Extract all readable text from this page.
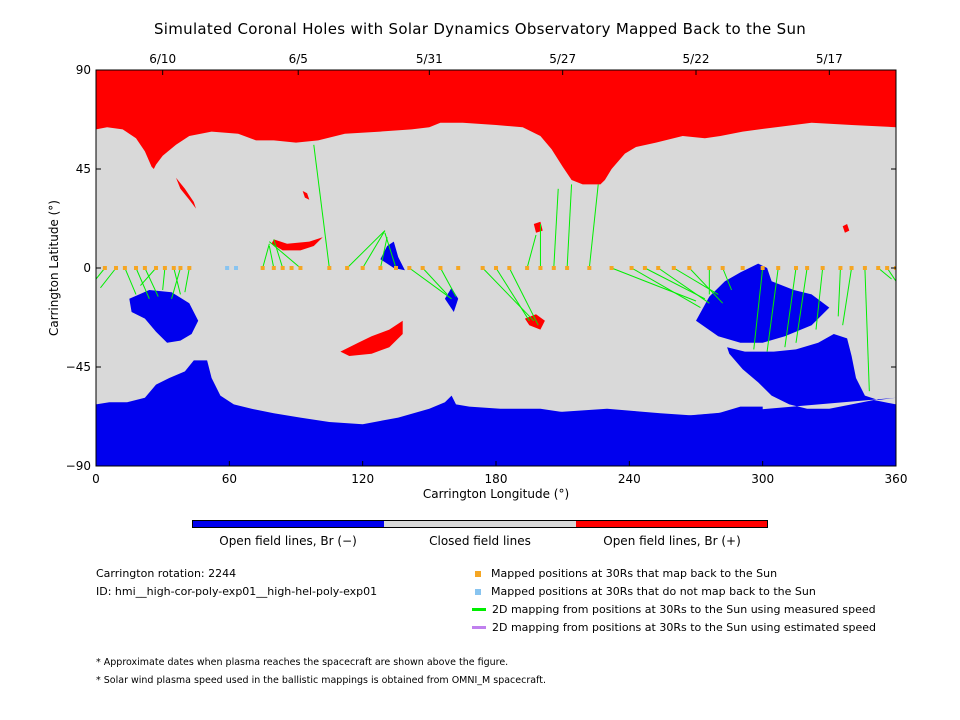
Simulated Coronal Holes with Solar Dynamics Observatory Mapped Back to the Sun
0	60	120	180	240	300	360
−90
−45
0
45
90
6/10	6/5	5/31	5/27	5/22	5/17
Carrington Longitude (°)
Carrington Latitude (°)
Open field lines, Br (−)	Closed field lines	Open field lines, Br (+)
Carrington rotation: 2244
ID: hmi__high-cor-poly-exp01__high-hel-poly-exp01
Mapped positions at 30Rs that map back to the Sun
Mapped positions at 30Rs that do not map back to the Sun
2D mapping from positions at 30Rs to the Sun using measured speed
2D mapping from positions at 30Rs to the Sun using estimated speed
* Approximate dates when plasma reaches the spacecraft are shown above the figure.
* Solar wind plasma speed used in the ballistic mappings is obtained from OMNI_M spacecraft.
